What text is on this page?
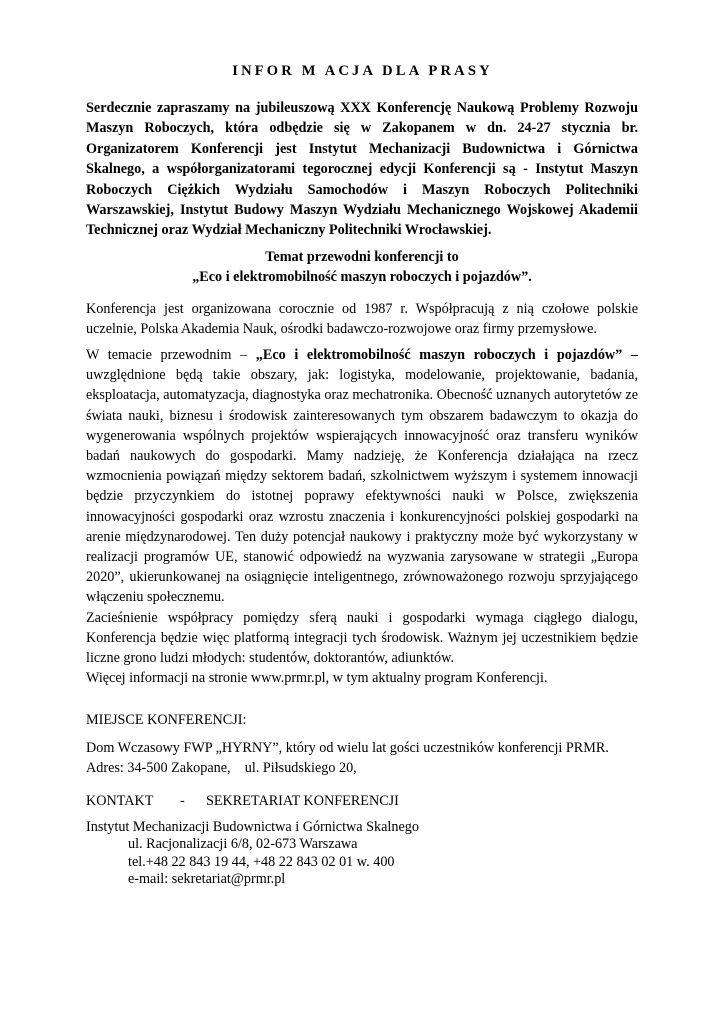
INFOR M ACJA DLA PRASY
Serdecznie zapraszamy na jubileuszową XXX Konferencję Naukową Problemy Rozwoju Maszyn Roboczych, która odbędzie się w Zakopanem w dn. 24-27 stycznia br. Organizatorem Konferencji jest Instytut Mechanizacji Budownictwa i Górnictwa Skalnego, a współorganizatorami tegorocznej edycji Konferencji są - Instytut Maszyn Roboczych Ciężkich Wydziału Samochodów i Maszyn Roboczych Politechniki Warszawskiej, Instytut Budowy Maszyn Wydziału Mechanicznego Wojskowej Akademii Technicznej oraz Wydział Mechaniczny Politechniki Wrocławskiej.
Temat przewodni konferencji to
„Eco i elektromobilność maszyn roboczych i pojazdów”.
Konferencja jest organizowana corocznie od 1987 r. Współpracują z nią czołowe polskie uczelnie, Polska Akademia Nauk, ośrodki badawczo-rozwojowe oraz firmy przemysłowe.
W temacie przewodnim – „Eco i elektromobilność maszyn roboczych i pojazdów” – uwzględnione będą takie obszary, jak: logistyka, modelowanie, projektowanie, badania, eksploatacja, automatyzacja, diagnostyka oraz mechatronika. Obecność uznanych autorytetów ze świata nauki, biznesu i środowisk zainteresowanych tym obszarem badawczym to okazja do wygenerowania wspólnych projektów wspierających innowacyjność oraz transferu wyników badań naukowych do gospodarki. Mamy nadzieję, że Konferencja działająca na rzecz wzmocnienia powiązań między sektorem badań, szkolnictwem wyższym i systemem innowacji będzie przyczynkiem do istotnej poprawy efektywności nauki w Polsce, zwiększenia innowacyjności gospodarki oraz wzrostu znaczenia i konkurencyjności polskiej gospodarki na arenie międzynarodowej. Ten duży potencjał naukowy i praktyczny może być wykorzystany w realizacji programów UE, stanowić odpowiedź na wyzwania zarysowane w strategii „Europa 2020”, ukierunkowanej na osiągnięcie inteligentnego, zrównoważonego rozwoju sprzyjającego włączeniu społecznemu.
Zacieśnienie współpracy pomiędzy sferą nauki i gospodarki wymaga ciągłego dialogu, Konferencja będzie więc platformą integracji tych środowisk. Ważnym jej uczestnikiem będzie liczne grono ludzi młodych: studentów, doktorantów, adiunktów.
Więcej informacji na stronie www.prmr.pl, w tym aktualny program Konferencji.
MIEJSCE KONFERENCJI:
Dom Wczasowy FWP „HYRNY”, który od wielu lat gości uczestników konferencji PRMR.
Adres: 34-500 Zakopane,    ul. Piłsudskiego 20,
KONTAKT - SEKRETARIAT KONFERENCJI
Instytut Mechanizacji Budownictwa i Górnictwa Skalnego
ul. Racjonalizacji 6/8, 02-673 Warszawa
tel.+48 22 843 19 44, +48 22 843 02 01 w. 400
e-mail: sekretariat@prmr.pl
